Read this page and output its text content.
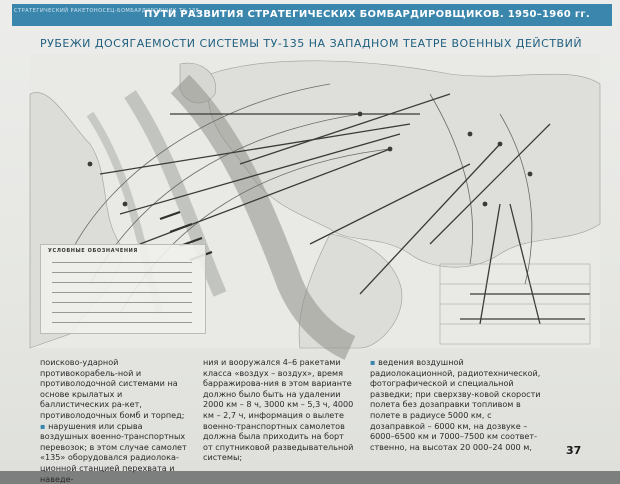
СТРАТЕГИЧЕСКИЙ РАКЕТОНОСЕЦ-БОМБАРДИРОВЩИК ТУ-135
ПУТИ РАЗВИТИЯ СТРАТЕГИЧЕСКИХ БОМБАРДИРОВЩИКОВ. 1950–1960 гг.
РУБЕЖИ ДОСЯГАЕМОСТИ СИСТЕМЫ ТУ-135 НА ЗАПАДНОМ ТЕАТРЕ ВОЕННЫХ ДЕЙСТВИЙ
УСЛОВНЫЕ ОБОЗНАЧЕНИЯ

поисково-ударной противокорабель-ной и противолодочной системами на основе крылатых и баллистических ра-кет, противолодочных бомб и торпед;

▪ нарушения или срыва воздушных военно-транспортных перевозок; в этом случае самолет «135» оборудовался радиолока-ционной станцией перехвата и наведе-

ния и вооружался 4–6 ракетами класса «воздух – воздух», время барражирова-ния в этом варианте должно было быть на удалении 2000 км – 8 ч, 3000 км – 5,3 ч, 4000 км – 2,7 ч, информация о вылете военно-транспортных самолетов должна была приходить на борт от спутниковой разведывательной системы;

▪ ведения воздушной радиолокационной, радиотехнической, фотографической и специальной разведки; при сверхзву-ковой скорости полета без дозаправки топливом в полете в радиусе 5000 км, с дозаправкой – 6000 км, на дозвуке – 6000–6500 км и 7000–7500 км соответ-ственно, на высотах 20 000–24 000 м,	37
